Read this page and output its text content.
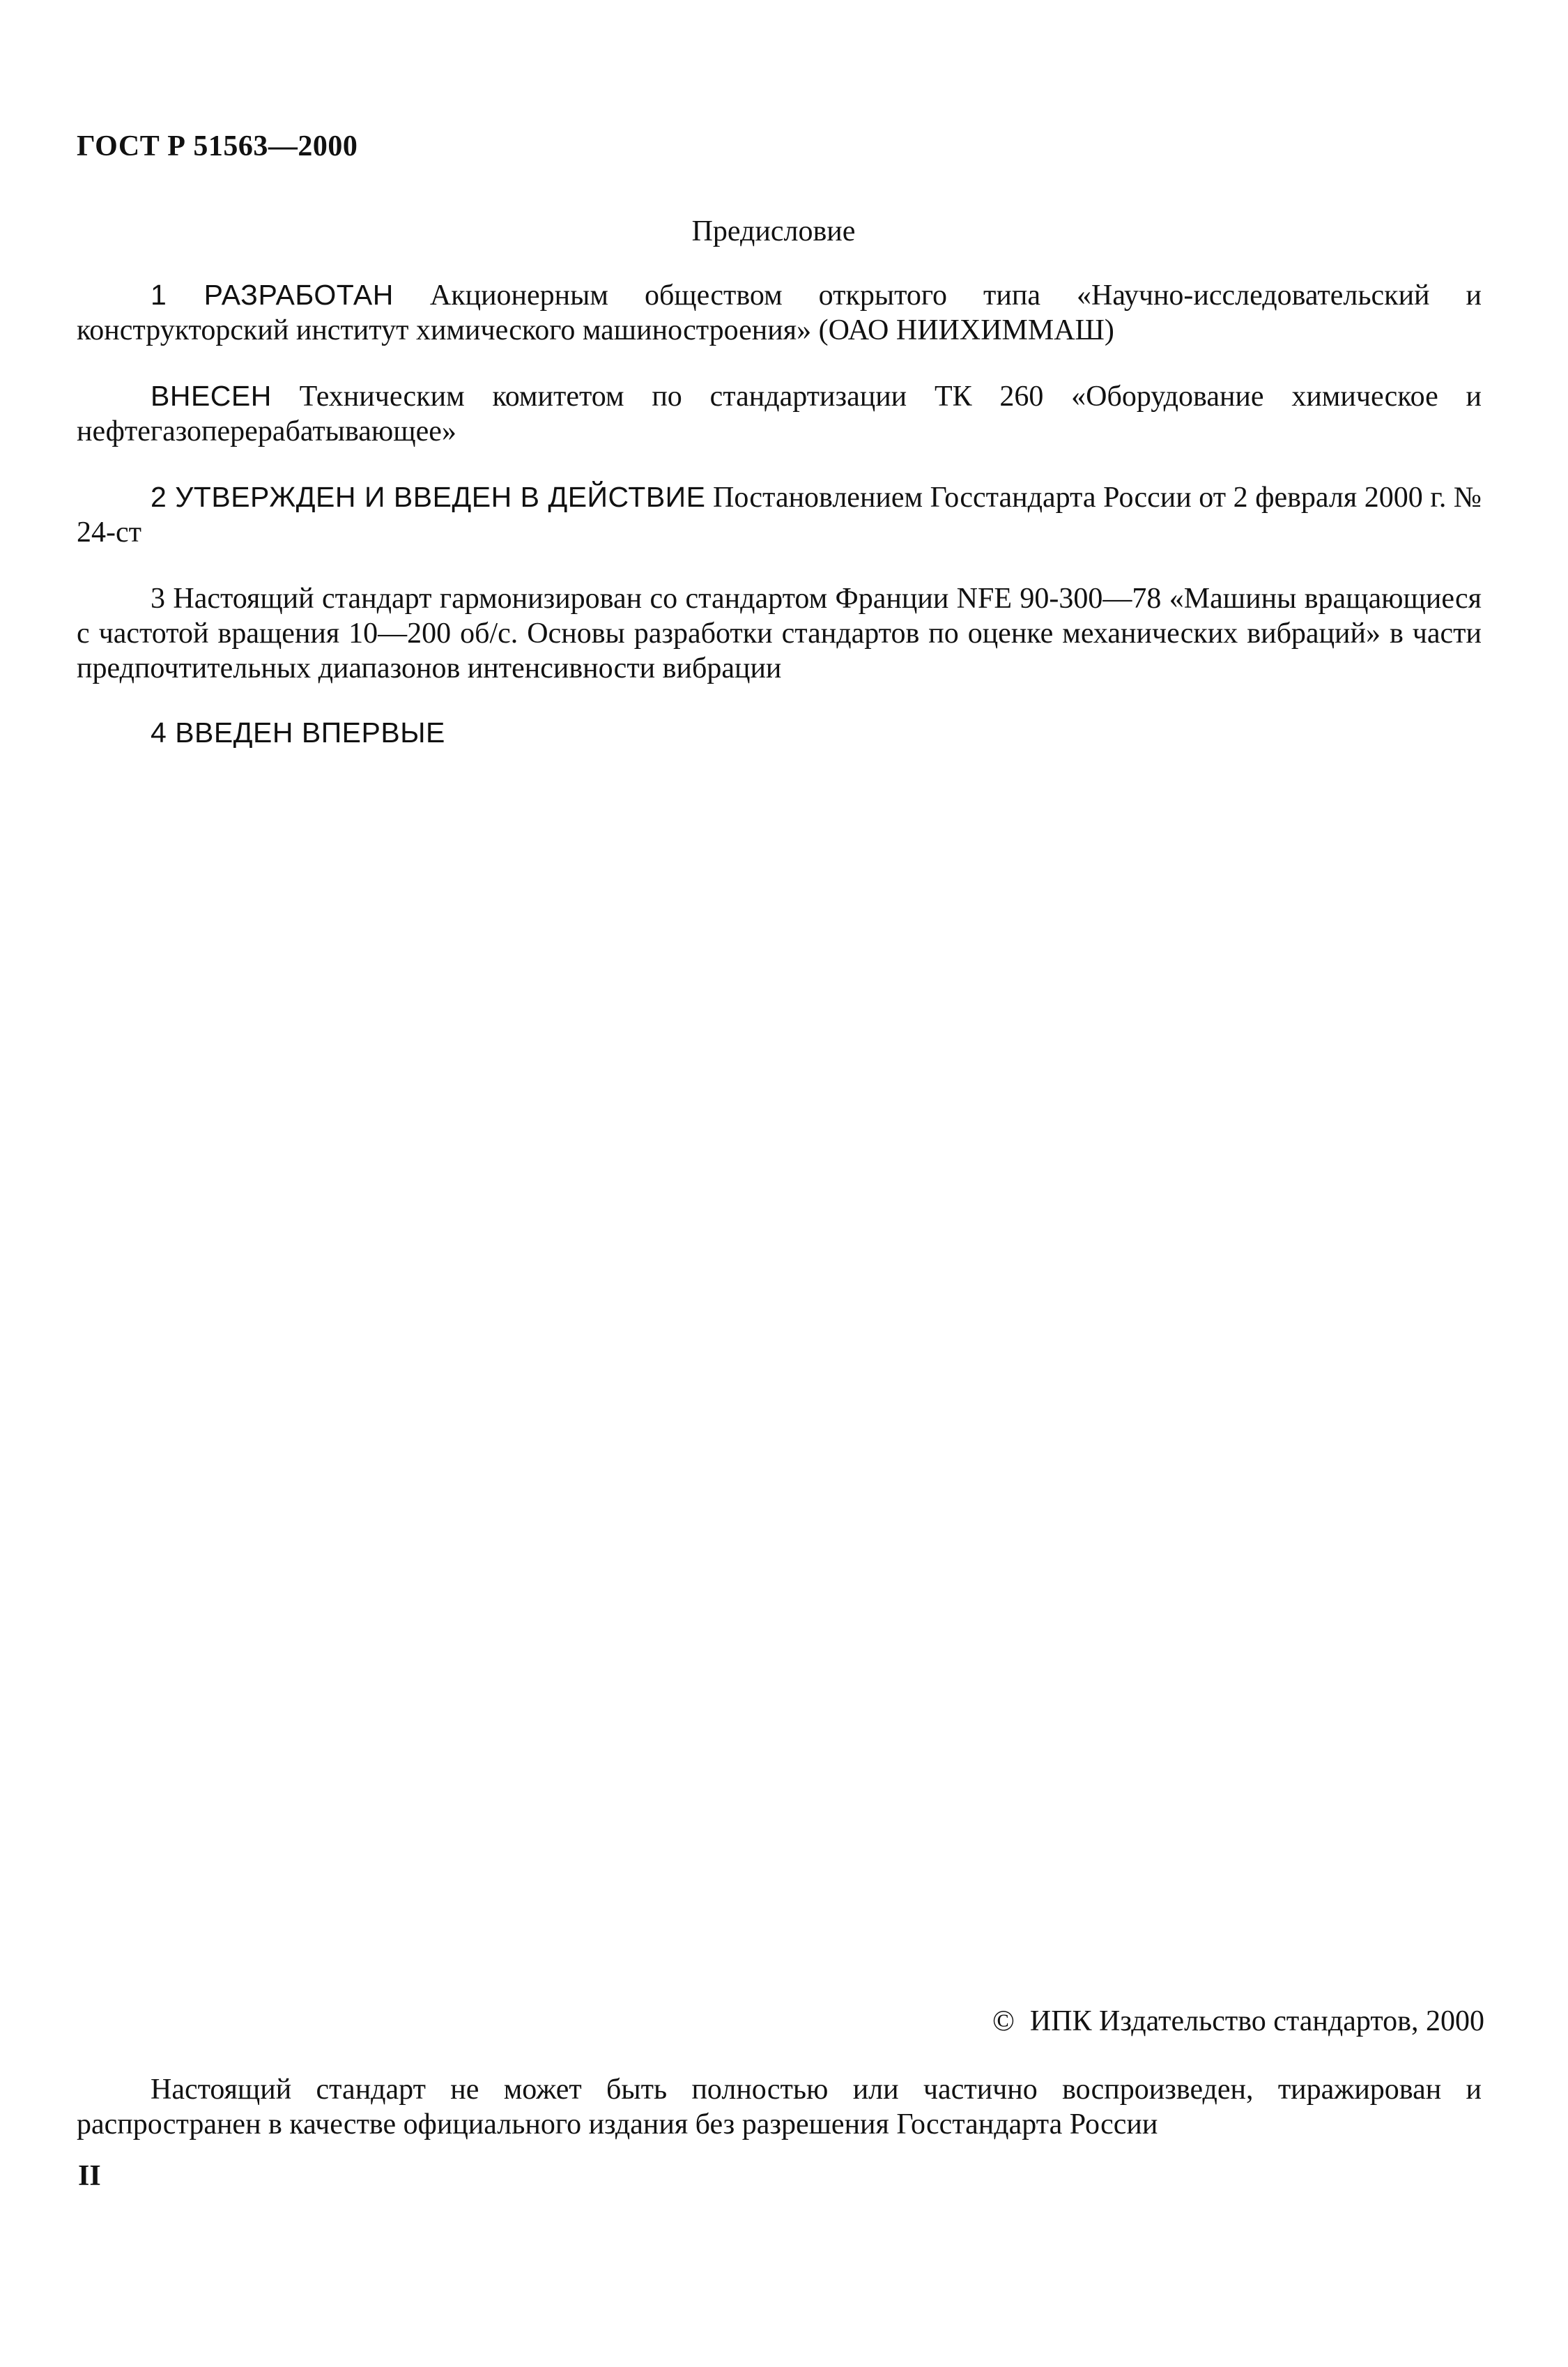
ГОСТ Р 51563—2000
Предисловие
1 РАЗРАБОТАН Акционерным обществом открытого типа «Научно-исследовательский и конструкторский институт химического машиностроения» (ОАО НИИХИММАШ)
ВНЕСЕН Техническим комитетом по стандартизации ТК 260 «Оборудование химическое и нефтегазоперерабатывающее»
2 УТВЕРЖДЕН И ВВЕДЕН В ДЕЙСТВИЕ Постановлением Госстандарта России от 2 февраля 2000 г. № 24-ст
3 Настоящий стандарт гармонизирован со стандартом Франции NFE 90-300—78 «Машины вращающиеся с частотой вращения 10—200 об/с. Основы разработки стандартов по оценке механических вибраций» в части предпочтительных диапазонов интенсивности вибрации
4 ВВЕДЕН ВПЕРВЫЕ
© ИПК Издательство стандартов, 2000
Настоящий стандарт не может быть полностью или частично воспроизведен, тиражирован и распространен в качестве официального издания без разрешения Госстандарта России
II
